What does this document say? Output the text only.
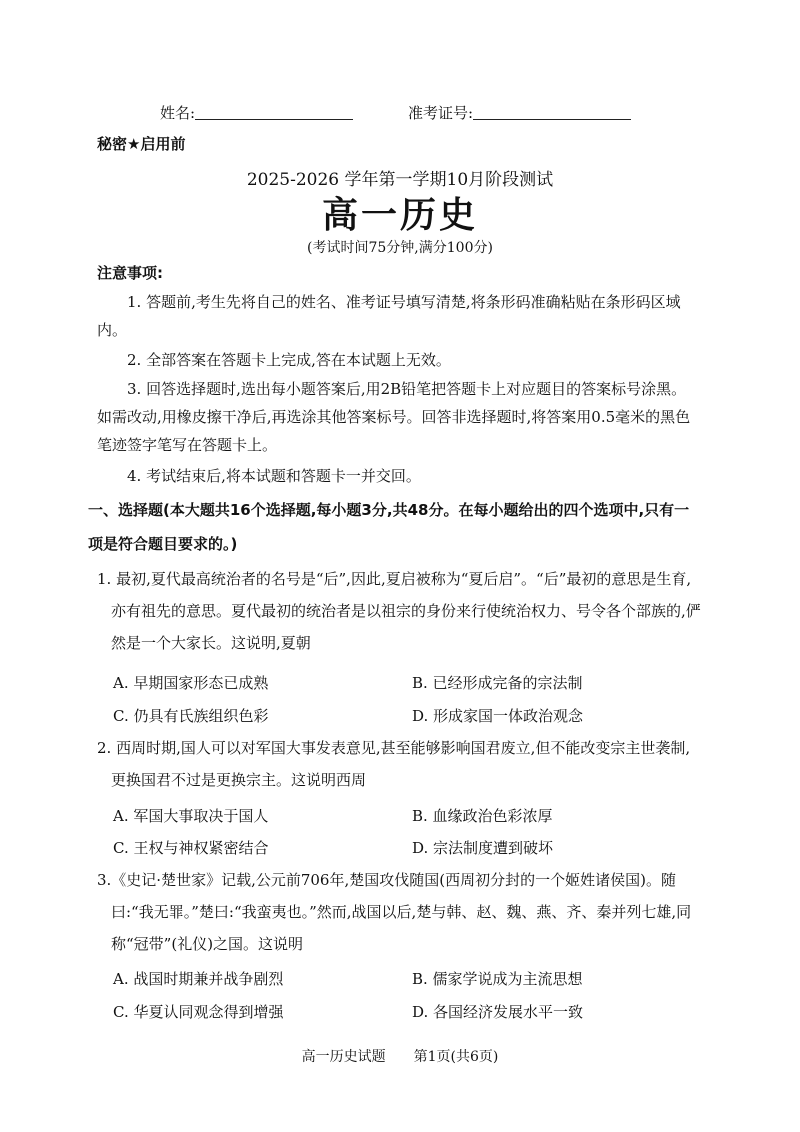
姓名:	准考证号:
秘密★启用前
2025-2026 学年第一学期10月阶段测试
高一历史
(考试时间75分钟,满分100分)
注意事项:
1. 答题前,考生先将自己的姓名、准考证号填写清楚,将条形码准确粘贴在条形码区域内。
2. 全部答案在答题卡上完成,答在本试题上无效。
3. 回答选择题时,选出每小题答案后,用2B铅笔把答题卡上对应题目的答案标号涂黑。如需改动,用橡皮擦干净后,再选涂其他答案标号。回答非选择题时,将答案用0.5毫米的黑色笔迹签字笔写在答题卡上。
4. 考试结束后,将本试题和答题卡一并交回。
一、选择题(本大题共16个选择题,每小题3分,共48分。在每小题给出的四个选项中,只有一项是符合题目要求的。)
1. 最初,夏代最高统治者的名号是“后”,因此,夏启被称为“夏后启”。“后”最初的意思是生育,亦有祖先的意思。夏代最初的统治者是以祖宗的身份来行使统治权力、号令各个部族的,俨然是一个大家长。这说明,夏朝
A. 早期国家形态已成熟	B. 已经形成完备的宗法制
C. 仍具有氏族组织色彩	D. 形成家国一体政治观念
2. 西周时期,国人可以对军国大事发表意见,甚至能够影响国君废立,但不能改变宗主世袭制,更换国君不过是更换宗主。这说明西周
A. 军国大事取决于国人	B. 血缘政治色彩浓厚
C. 王权与神权紧密结合	D. 宗法制度遭到破坏
3.《史记·楚世家》记载,公元前706年,楚国攻伐随国(西周初分封的一个姬姓诸侯国)。随曰:“我无罪。”楚曰:“我蛮夷也。”然而,战国以后,楚与韩、赵、魏、燕、齐、秦并列七雄,同称“冠带”(礼仪)之国。这说明
A. 战国时期兼并战争剧烈	B. 儒家学说成为主流思想
C. 华夏认同观念得到增强	D. 各国经济发展水平一致
高一历史试题　　第1页(共6页)
